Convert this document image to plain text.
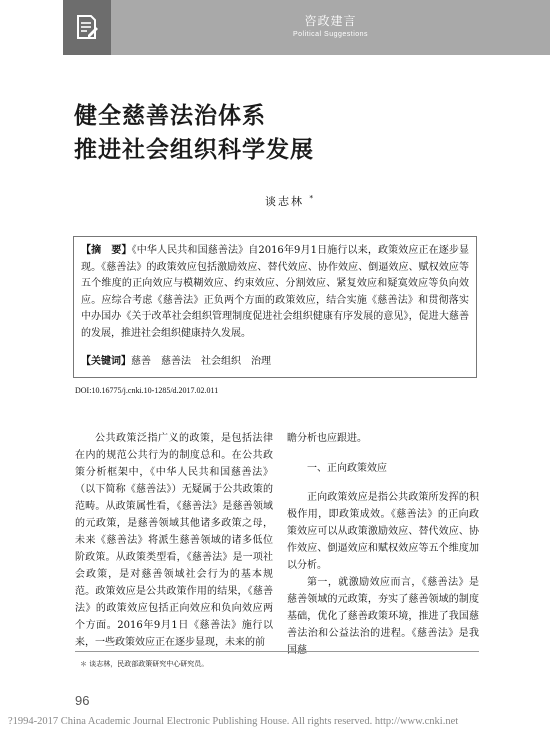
咨政建言
Political Suggestions
健全慈善法治体系
推进社会组织科学发展
谈志林 *
【摘　要】《中华人民共和国慈善法》自2016年9月1日施行以来，政策效应正在逐步显现。《慈善法》的政策效应包括激励效应、替代效应、协作效应、倒逼效应、赋权效应等五个维度的正向效应与模糊效应、约束效应、分割效应、紧复效应和疑寞效应等负向效应。应综合考虑《慈善法》正负两个方面的政策效应，结合实施《慈善法》和贯彻落实中办国办《关于改革社会组织管理制度促进社会组织健康有序发展的意见》，促进大慈善的发展，推进社会组织健康持久发展。
【关键词】慈善 慈善法 社会组织 治理
DOI:10.16775/j.cnki.10-1285/d.2017.02.011

公共政策泛指广义的政策，是包括法律在内的规范公共行为的制度总和。在公共政策分析框架中，《中华人民共和国慈善法》（以下简称《慈善法》）无疑属于公共政策的范畴。从政策属性看，《慈善法》是慈善领域的元政策，是慈善领域其他诸多政策之母，未来《慈善法》将派生慈善领域的诸多低位阶政策。从政策类型看，《慈善法》是一项社会政策，是对慈善领域社会行为的基本规范。政策效应是公共政策作用的结果，《慈善法》的政策效应包括正向效应和负向效应两个方面。2016年9月1日《慈善法》施行以来，一些政策效应正在逐步显现，未来的前

瞻分析也应跟进。

一、正向政策效应

正向政策效应是指公共政策所发挥的积极作用，即政策成效。《慈善法》的正向政策效应可以从政策激励效应、替代效应、协作效应、倒逼效应和赋权效应等五个维度加以分析。

第一，就激励效应而言，《慈善法》是慈善领域的元政策，夯实了慈善领域的制度基础，优化了慈善政策环境，推进了我国慈善法治和公益法治的进程。《慈善法》是我国慈

＊ 谈志林，民政部政策研究中心研究员。
96
?1994-2017 China Academic Journal Electronic Publishing House. All rights reserved. http://www.cnki.net
